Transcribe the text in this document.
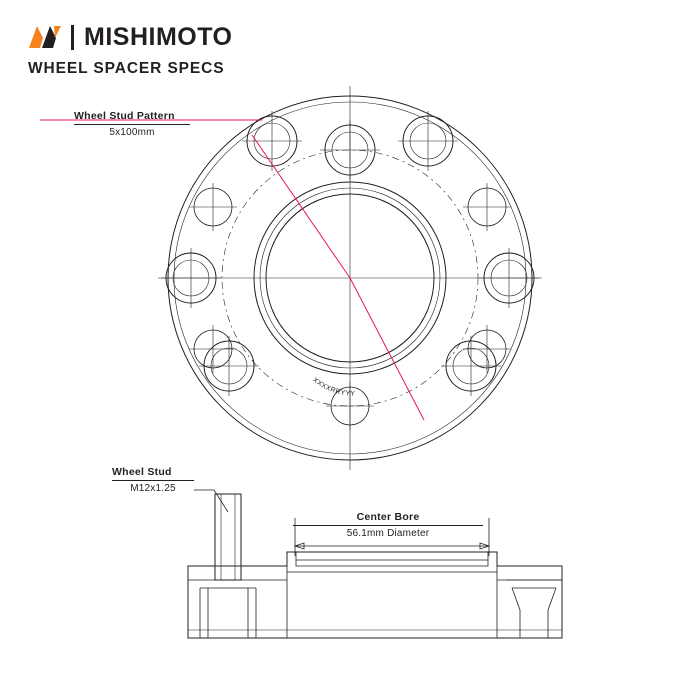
MISHIMOTO
WHEEL SPACER SPECS
Wheel Stud Pattern
5x100mm
Wheel Stud
M12x1.25
Center Bore
56.1mm Diameter
XXXXRRYYY
